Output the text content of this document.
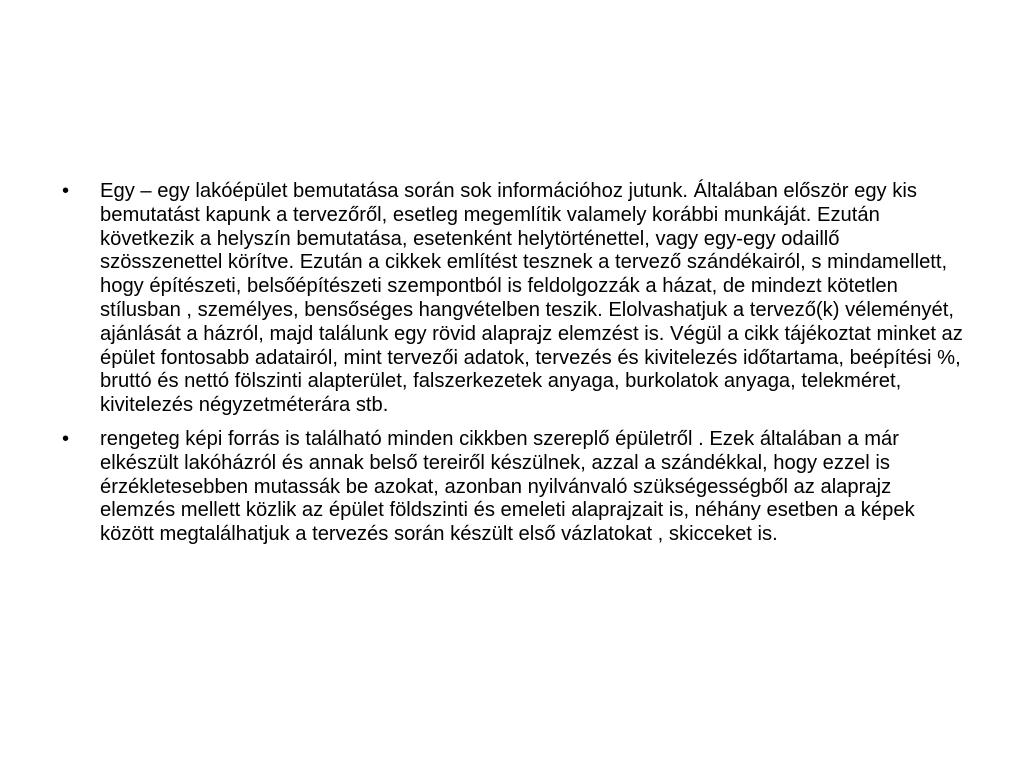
•	Egy – egy lakóépület bemutatása során sok információhoz jutunk. Általában először egy kis bemutatást kapunk a tervezőről, esetleg megemlítik valamely korábbi munkáját. Ezután következik a helyszín bemutatása, esetenként helytörténettel, vagy egy-egy odaillő szösszenettel körítve. Ezután a cikkek említést tesznek a tervező szándékairól, s mindamellett, hogy építészeti, belsőépítészeti szempontból is feldolgozzák a házat, de mindezt kötetlen stílusban , személyes, bensőséges hangvételben teszik. Elolvashatjuk a tervező(k) véleményét, ajánlását a házról, majd találunk egy rövid alaprajz elemzést is. Végül a cikk tájékoztat minket az épület fontosabb adatairól, mint tervezői adatok, tervezés és kivitelezés időtartama, beépítési %, bruttó és nettó fölszinti alapterület, falszerkezetek anyaga, burkolatok anyaga, telekméret, kivitelezés négyzetméterára stb.
•	rengeteg képi forrás is található minden cikkben szereplő épületről . Ezek általában a már elkészült lakóházról és annak belső tereiről készülnek, azzal a szándékkal, hogy ezzel is érzékletesebben mutassák be azokat, azonban nyilvánvaló szükségességből az alaprajz elemzés mellett közlik az épület földszinti és emeleti alaprajzait is, néhány esetben a képek között megtalálhatjuk a tervezés során készült első vázlatokat , skicceket is.
